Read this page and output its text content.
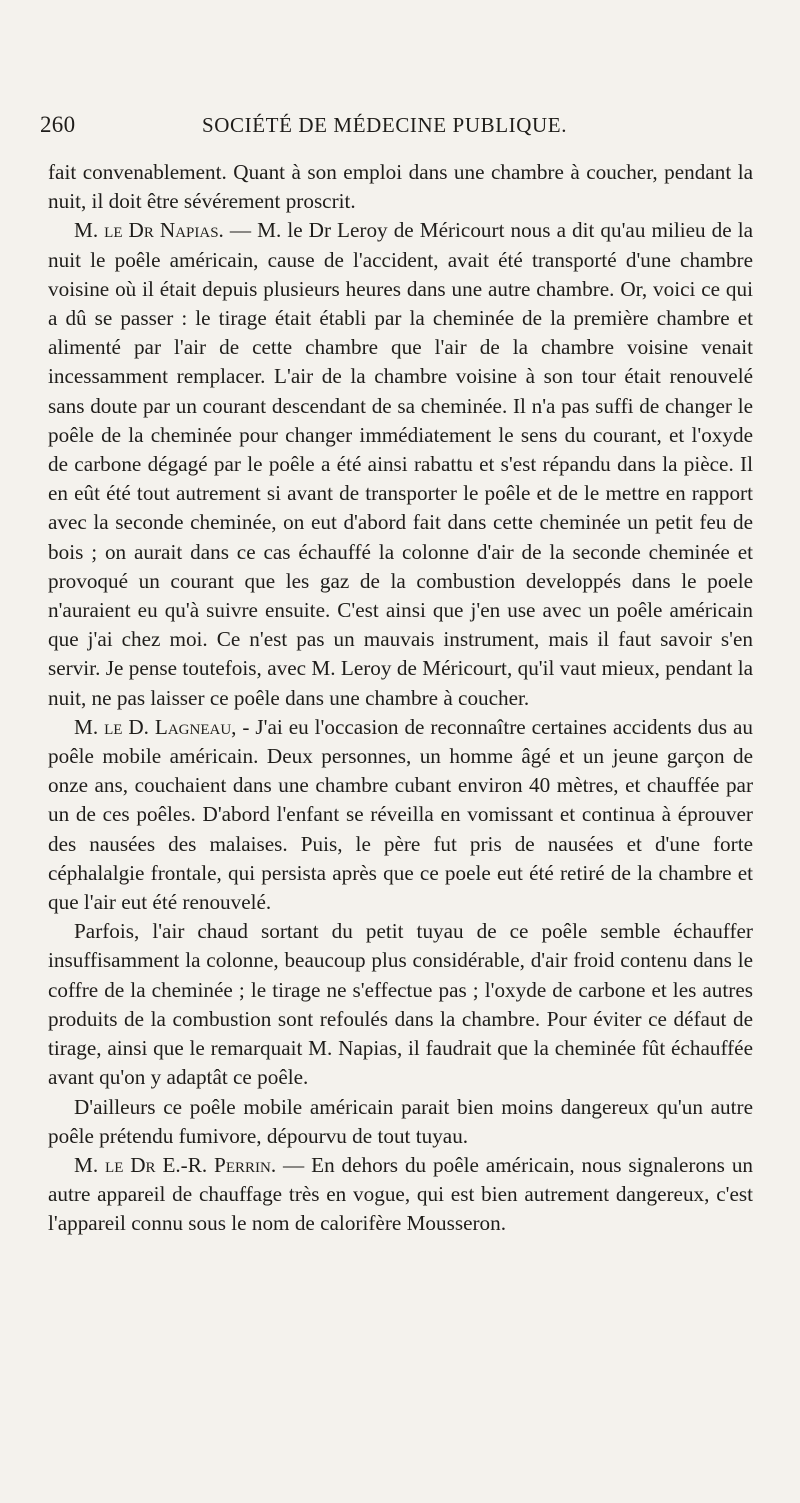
260	SOCIÉTÉ DE MÉDECINE PUBLIQUE.

fait convenablement. Quant à son emploi dans une chambre à coucher, pendant la nuit, il doit être sévérement proscrit.

M. le Dr Napias. — M. le Dr Leroy de Méricourt nous a dit qu'au milieu de la nuit le poêle américain, cause de l'accident, avait été transporté d'une chambre voisine où il était depuis plusieurs heures dans une autre chambre. Or, voici ce qui a dû se passer : le tirage était établi par la cheminée de la première chambre et alimenté par l'air de cette chambre que l'air de la chambre voisine venait incessamment remplacer. L'air de la chambre voisine à son tour était renouvelé sans doute par un courant descendant de sa cheminée. Il n'a pas suffi de changer le poêle de la cheminée pour changer immédiatement le sens du courant, et l'oxyde de carbone dégagé par le poêle a été ainsi rabattu et s'est répandu dans la pièce. Il en eût été tout autrement si avant de transporter le poêle et de le mettre en rapport avec la seconde cheminée, on eut d'abord fait dans cette cheminée un petit feu de bois ; on aurait dans ce cas échauffé la colonne d'air de la seconde cheminée et provoqué un courant que les gaz de la combustion developpés dans le poele n'auraient eu qu'à suivre ensuite. C'est ainsi que j'en use avec un poêle américain que j'ai chez moi. Ce n'est pas un mauvais instrument, mais il faut savoir s'en servir. Je pense toutefois, avec M. Leroy de Méricourt, qu'il vaut mieux, pendant la nuit, ne pas laisser ce poêle dans une chambre à coucher.

M. le D. Lagneau, - J'ai eu l'occasion de reconnaître certaines accidents dus au poêle mobile américain. Deux personnes, un homme âgé et un jeune garçon de onze ans, couchaient dans une chambre cubant environ 40 mètres, et chauffée par un de ces poêles. D'abord l'enfant se réveilla en vomissant et continua à éprouver des nausées des malaises. Puis, le père fut pris de nausées et d'une forte céphalalgie frontale, qui persista après que ce poele eut été retiré de la chambre et que l'air eut été renouvelé.

Parfois, l'air chaud sortant du petit tuyau de ce poêle semble échauffer insuffisamment la colonne, beaucoup plus considérable, d'air froid contenu dans le coffre de la cheminée ; le tirage ne s'effectue pas ; l'oxyde de carbone et les autres produits de la combustion sont refoulés dans la chambre. Pour éviter ce défaut de tirage, ainsi que le remarquait M. Napias, il faudrait que la cheminée fût échauffée avant qu'on y adaptât ce poêle.

D'ailleurs ce poêle mobile américain parait bien moins dangereux qu'un autre poêle prétendu fumivore, dépourvu de tout tuyau.

M. le Dr E.-R. Perrin. — En dehors du poêle américain, nous signalerons un autre appareil de chauffage très en vogue, qui est bien autrement dangereux, c'est l'appareil connu sous le nom de calorifère Mousseron.
